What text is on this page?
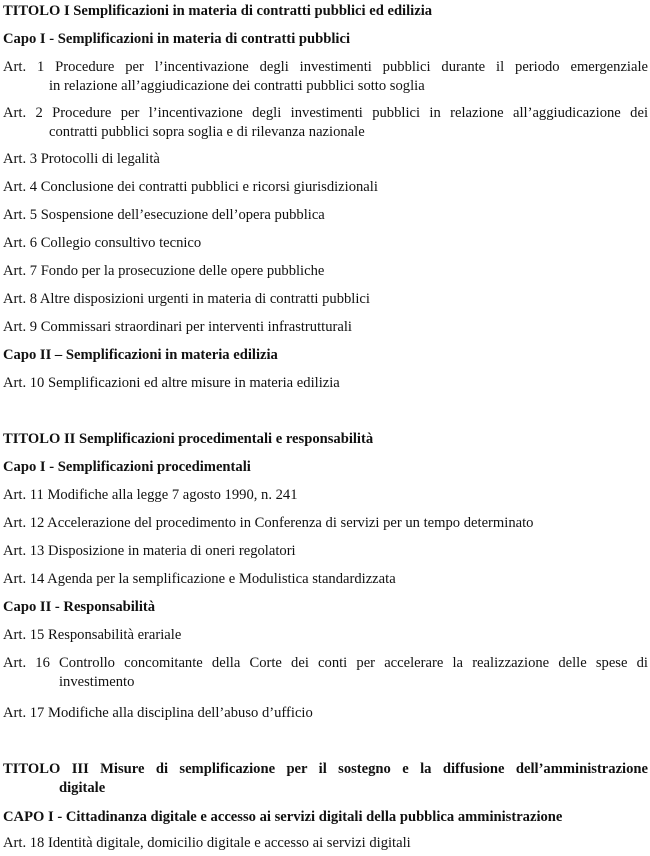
TITOLO I Semplificazioni in materia di contratti pubblici ed edilizia
Capo I - Semplificazioni in materia di contratti pubblici
Art. 1 Procedure per l’incentivazione degli investimenti pubblici durante il periodo emergenziale
in relazione all’aggiudicazione dei contratti pubblici sotto soglia
Art. 2 Procedure per l’incentivazione degli investimenti pubblici in relazione all’aggiudicazione dei
contratti pubblici sopra soglia e di rilevanza nazionale
Art. 3 Protocolli di legalità
Art. 4 Conclusione dei contratti pubblici e ricorsi giurisdizionali
Art. 5 Sospensione dell’esecuzione dell’opera pubblica
Art. 6 Collegio consultivo tecnico
Art. 7 Fondo per la prosecuzione delle opere pubbliche
Art. 8 Altre disposizioni urgenti in materia di contratti pubblici
Art. 9 Commissari straordinari per interventi infrastrutturali
Capo II – Semplificazioni in materia edilizia
Art. 10 Semplificazioni ed altre misure in materia edilizia
TITOLO II Semplificazioni procedimentali e responsabilità
Capo I - Semplificazioni procedimentali
Art. 11 Modifiche alla legge 7 agosto 1990, n. 241
Art. 12 Accelerazione del procedimento in Conferenza di servizi per un tempo determinato
Art. 13 Disposizione in materia di oneri regolatori
Art. 14 Agenda per la semplificazione e Modulistica standardizzata
Capo II - Responsabilità
Art. 15 Responsabilità erariale
Art. 16 Controllo concomitante della Corte dei conti per accelerare la realizzazione delle spese di
investimento
Art. 17 Modifiche alla disciplina dell’abuso d’ufficio
TITOLO III Misure di semplificazione per il sostegno e la diffusione dell’amministrazione
digitale
CAPO I - Cittadinanza digitale e accesso ai servizi digitali della pubblica amministrazione
Art. 18 Identità digitale, domicilio digitale e accesso ai servizi digitali
